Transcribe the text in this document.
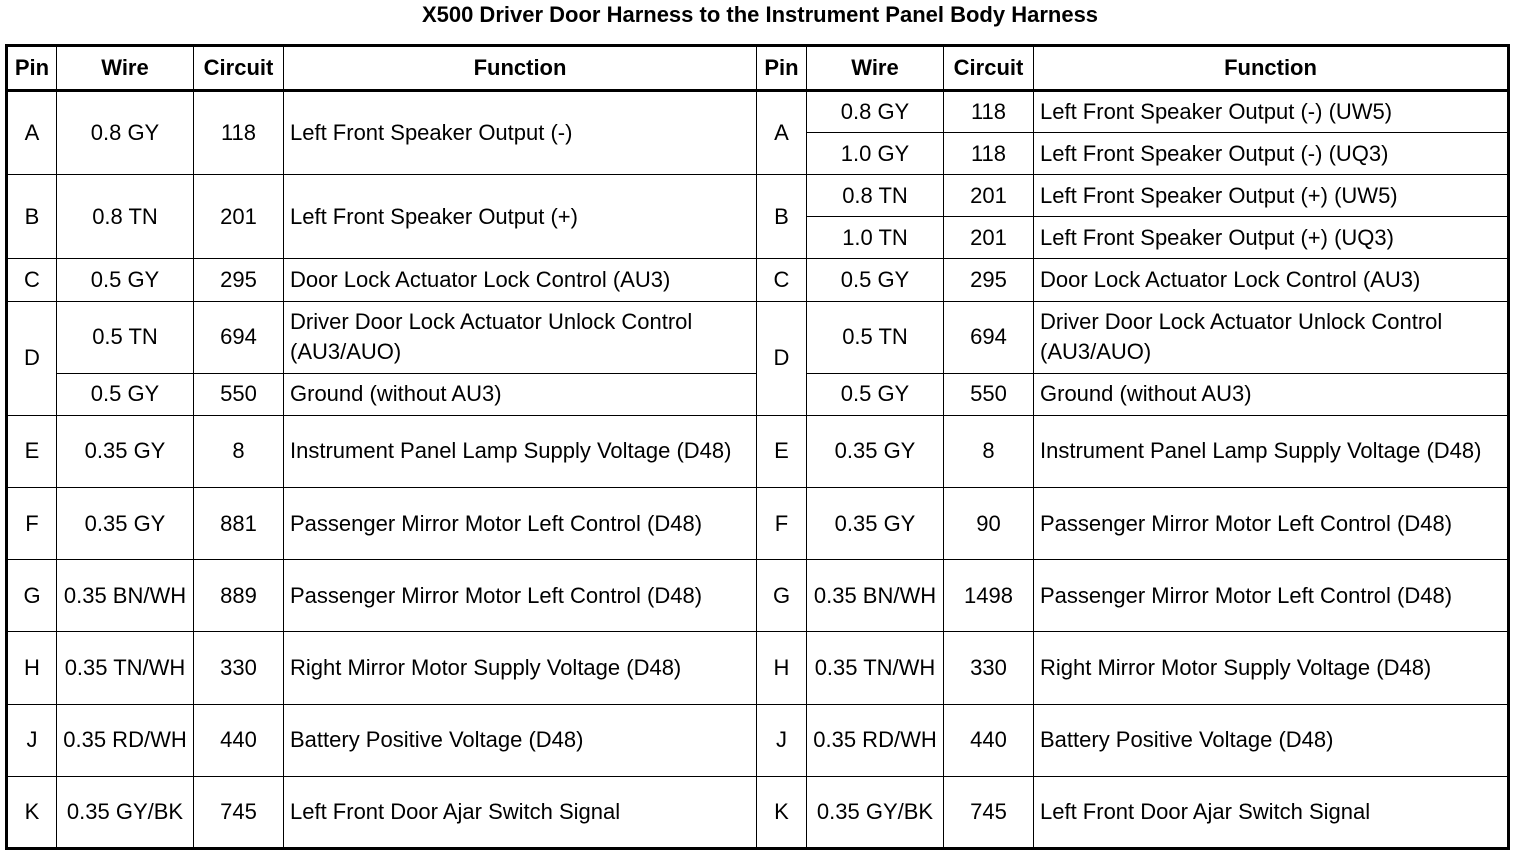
X500 Driver Door Harness to the Instrument Panel Body Harness
Pin	Wire	Circuit	Function	Pin	Wire	Circuit	Function
A	0.8 GY	118	Left Front Speaker Output (-)	A	0.8 GY	118	Left Front Speaker Output (-) (UW5)
					1.0 GY	118	Left Front Speaker Output (-) (UQ3)
B	0.8 TN	201	Left Front Speaker Output (+)	B	0.8 TN	201	Left Front Speaker Output (+) (UW5)
					1.0 TN	201	Left Front Speaker Output (+) (UQ3)
C	0.5 GY	295	Door Lock Actuator Lock Control (AU3)	C	0.5 GY	295	Door Lock Actuator Lock Control (AU3)
D	0.5 TN	694	Driver Door Lock Actuator Unlock Control (AU3/AUO)	D	0.5 TN	694	Driver Door Lock Actuator Unlock Control (AU3/AUO)
	0.5 GY	550	Ground (without AU3)		0.5 GY	550	Ground (without AU3)
E	0.35 GY	8	Instrument Panel Lamp Supply Voltage (D48)	E	0.35 GY	8	Instrument Panel Lamp Supply Voltage (D48)
F	0.35 GY	881	Passenger Mirror Motor Left Control (D48)	F	0.35 GY	90	Passenger Mirror Motor Left Control (D48)
G	0.35 BN/WH	889	Passenger Mirror Motor Left Control (D48)	G	0.35 BN/WH	1498	Passenger Mirror Motor Left Control (D48)
H	0.35 TN/WH	330	Right Mirror Motor Supply Voltage (D48)	H	0.35 TN/WH	330	Right Mirror Motor Supply Voltage (D48)
J	0.35 RD/WH	440	Battery Positive Voltage (D48)	J	0.35 RD/WH	440	Battery Positive Voltage (D48)
K	0.35 GY/BK	745	Left Front Door Ajar Switch Signal	K	0.35 GY/BK	745	Left Front Door Ajar Switch Signal
